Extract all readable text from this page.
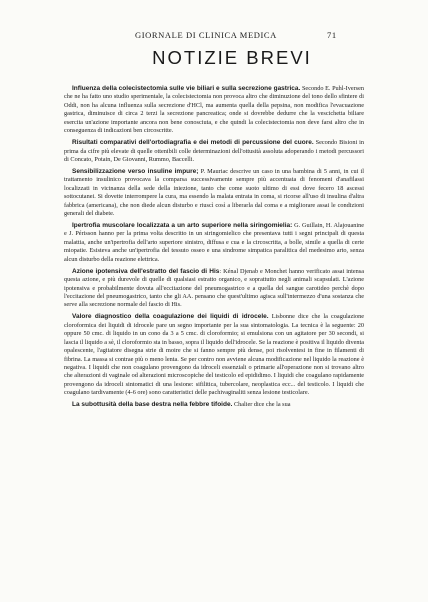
GIORNALE DI CLINICA MEDICA	71
NOTIZIE BREVI

Influenza della colecistectomia sulle vie biliari e sulla secrezione gastrica. Secondo E. Puhl-Iversen che ne ha fatto uno studio sperimentale, la colecistectomia non provoca altro che diminuzione del tono dello sfintere di Oddi, non ha alcuna influenza sulla secrezione d'HCl, ma aumenta quella della pepsina, non modifica l'evacuazione gastrica, diminuisce di circa 2 terzi la secrezione pancreatica; onde si dovrebbe dedurre che la vescichetta biliare esercita un'azione importante ancora non bene conosciuta, e che quindi la colecistectomia non deve farsi altro che in conseguenza di indicazioni ben circoscritte.

Risultati comparativi dell'ortodiagrafia e dei metodi di percussione del cuore. Secondo Bisioni in prima da cifre più elevate di quelle ottenibili colle determinazioni dell'ottusità assoluta adoperando i metodi percussori di Concato, Potain, De Giovanni, Rummo, Baccelli.

Sensibilizzazione verso insuline impure; P. Mauriac descrive un caso in una bambina di 5 anni, in cui il trattamento insulinico provocava la comparsa successivamente sempre più accentuata di fenomeni d'anafilassi localizzati in vicinanza della sede della iniezione, tanto che come suoto ultimo di essi dove fecero 18 ascessi sottocutanei. Si dovette interrompere la cura, ma essendo la malata entrata in coma, si ricorse all'uso di insulina d'altra fabbrica (americana), che non diede alcun disturbo e riuscì così a liberarla dal coma e a migliorare assai le condizioni generali del diabete.

Ipertrofia muscolare localizzata a un arto superiore nella siringomielia: G. Guillain, H. Alajouanine e J. Périsson hanno per la prima volta descritto in un siringomielico che presentava tutti i segni principali di questa malattia, anche un'ipertrofia dell'arto superiore sinistro, diffusa e cua e la circoscritta, a bolle, simile a quella di certe miopatie. Esisteva anche un'ipertrofia del tessuto osseo e una sindrome simpatica paralitica del medesimo arto, senza alcun disturbo della reazione elettrica.

Azione ipotensiva dell'estratto del fascio di His: Kénal Djenab e Monchet hanno verificato assai intensa questa azione, e più durevole di quelle di qualsiasi estratto organico, e soprattutto negli animali scapsulati. L'azione ipotensiva e probabilmente dovuta all'eccitazione del pneumogastrico e a quella del sangue carotideo perchè dopo l'eccitazione del pneumogastrico, tanto che gli AA. pensano che quest'ultimo agisca sull'intermezzo d'una sostanza che serve alla secrezione normale del fascio di His.

Valore diagnostico della coagulazione dei liquidi di idrocele. Lisbonne dice che la coagulazione cloroformica dei liquidi di idrocele pare un segno importante per la sua sintomatologia. La tecnica è la seguente: 20 oppure 50 cmc. di liquido in un cono da 3 a 5 cmc. di cloroformio; si emulsiona con un agitatore per 30 secondi, si lascia il liquido a sè, il cloroformio sta in basso, sopra il liquido dell'idrocele. Se la reazione è positiva il liquido diventa opalescente, l'agitatore disegna strie di moire che si fanno sempre più dense, poi risolventesi in fine in filamenti di fibrina. La massa si contrae più o meno lenta. Se per contro non avviene alcuna modificazione nel liquido la reazione è negativa. I liquidi che non coagulano provengono da idroceli essenziali o primarie all'operazione non si trovano altro che alterazioni di vaginale od alterazioni microscopiche del testicolo ed epididimo. I liquidi che coagulano rapidamente provengono da idroceli sintomatici di una lesione: sifilitica, tubercolare, neoplastica ecc... del testicolo. I liquidi che coagulano tardivamente (4-6 ore) sono caratteristici delle pachivaginaliti senza lesione testicolare.

La subottusità della base destra nella febbre tifoide. Chalier dice che la sua
